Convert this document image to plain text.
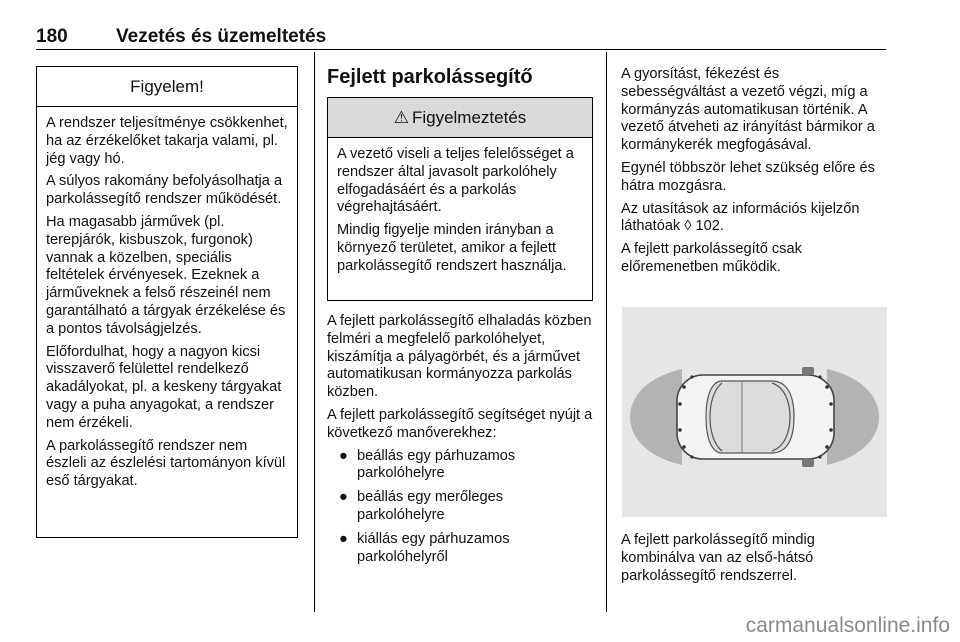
180	Vezetés és üzemeltetés
Figyelem!

A rendszer teljesítménye csökkenhet, ha az érzékelőket takarja valami, pl. jég vagy hó.

A súlyos rakomány befolyásolhatja a parkolássegítő rendszer működését.

Ha magasabb járművek (pl. terepjárók, kisbuszok, furgonok) vannak a közelben, speciális feltételek érvényesek. Ezeknek a járműveknek a felső részeinél nem garantálható a tárgyak érzékelése és a pontos távolságjelzés.

Előfordulhat, hogy a nagyon kicsi visszaverő felülettel rendelkező akadályokat, pl. a keskeny tárgyakat vagy a puha anyagokat, a rendszer nem érzékeli.

A parkolássegítő rendszer nem észleli az észlelési tartományon kívül eső tárgyakat.

Fejlett parkolássegítő
⚠ Figyelmeztetés

A vezető viseli a teljes felelősséget a rendszer által javasolt parkolóhely elfogadásáért és a parkolás végrehajtásáért.

Mindig figyelje minden irányban a környező területet, amikor a fejlett parkolássegítő rendszert használja.

A fejlett parkolássegítő elhaladás közben felméri a megfelelő parkolóhelyet, kiszámítja a pályagörbét, és a járművet automatikusan kormányozza parkolás közben.

A fejlett parkolássegítő segítséget nyújt a következő manőverekhez:

● beállás egy párhuzamos parkolóhelyre
● beállás egy merőleges parkolóhelyre
● kiállás egy párhuzamos parkolóhelyről

A gyorsítást, fékezést és sebességváltást a vezető végzi, míg a kormányzás automatikusan történik. A vezető átveheti az irányítást bármikor a kormánykerék megfogásával.

Egynél többször lehet szükség előre és hátra mozgásra.

Az utasítások az információs kijelzőn láthatóak ◊ 102.

A fejlett parkolássegítő csak előremenetben működik.

A fejlett parkolássegítő mindig kombinálva van az első-hátsó parkolássegítő rendszerrel.

carmanualsonline.info
